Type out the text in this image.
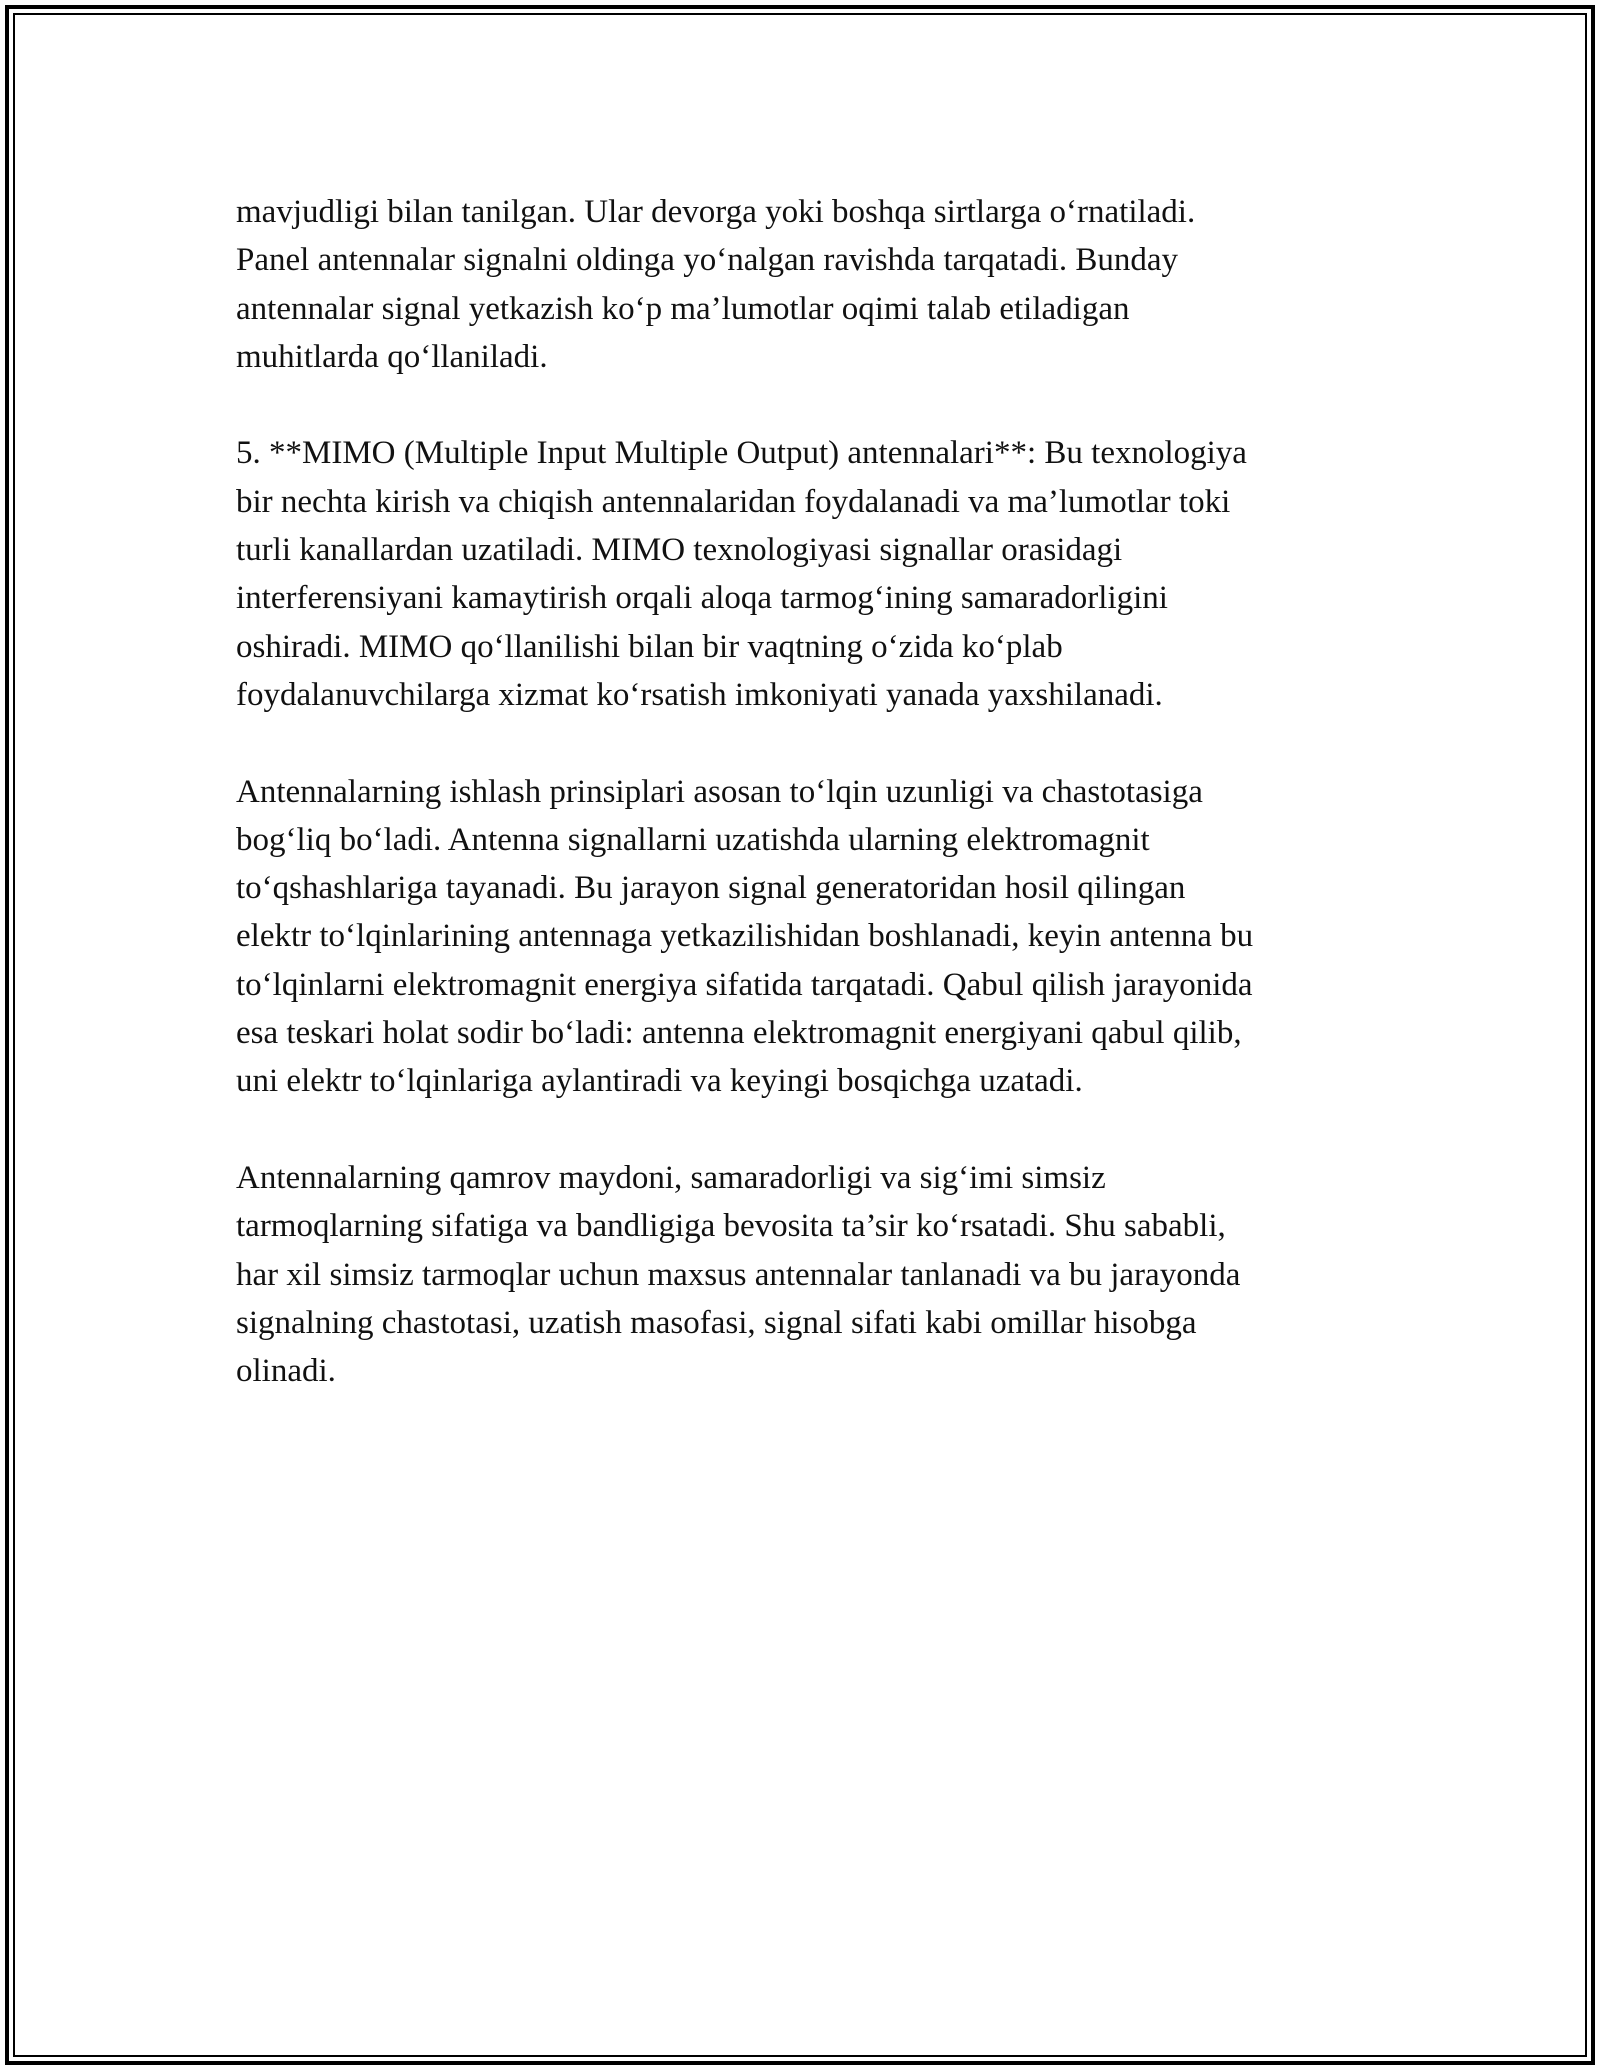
mavjudligi bilan tanilgan. Ular devorga yoki boshqa sirtlarga o‘rnatiladi.
Panel antennalar signalni oldinga yo‘nalgan ravishda tarqatadi. Bunday
antennalar signal yetkazish ko‘p ma’lumotlar oqimi talab etiladigan
muhitlarda qo‘llaniladi.

5. **MIMO (Multiple Input Multiple Output) antennalari**: Bu texnologiya
bir nechta kirish va chiqish antennalaridan foydalanadi va ma’lumotlar toki
turli kanallardan uzatiladi. MIMO texnologiyasi signallar orasidagi
interferensiyani kamaytirish orqali aloqa tarmog‘ining samaradorligini
oshiradi. MIMO qo‘llanilishi bilan bir vaqtning o‘zida ko‘plab
foydalanuvchilarga xizmat ko‘rsatish imkoniyati yanada yaxshilanadi.

Antennalarning ishlash prinsiplari asosan to‘lqin uzunligi va chastotasiga
bog‘liq bo‘ladi. Antenna signallarni uzatishda ularning elektromagnit
to‘qshashlariga tayanadi. Bu jarayon signal generatoridan hosil qilingan
elektr to‘lqinlarining antennaga yetkazilishidan boshlanadi, keyin antenna bu
to‘lqinlarni elektromagnit energiya sifatida tarqatadi. Qabul qilish jarayonida
esa teskari holat sodir bo‘ladi: antenna elektromagnit energiyani qabul qilib,
uni elektr to‘lqinlariga aylantiradi va keyingi bosqichga uzatadi.

Antennalarning qamrov maydoni, samaradorligi va sig‘imi simsiz
tarmoqlarning sifatiga va bandligiga bevosita ta’sir ko‘rsatadi. Shu sababli,
har xil simsiz tarmoqlar uchun maxsus antennalar tanlanadi va bu jarayonda
signalning chastotasi, uzatish masofasi, signal sifati kabi omillar hisobga
olinadi.
